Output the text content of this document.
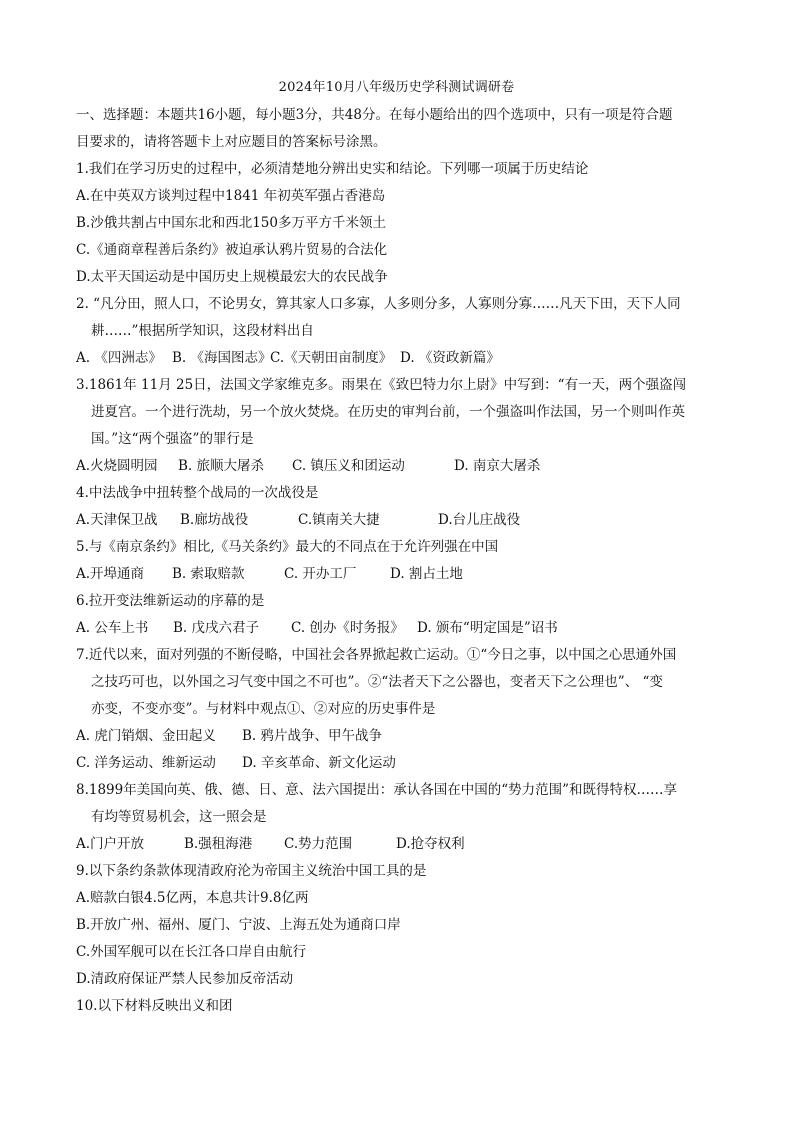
2024年10月八年级历史学科测试调研卷
一、选择题：本题共16小题，每小题3分，共48分。在每小题给出的四个选项中，只有一项是符合题
目要求的，请将答题卡上对应题目的答案标号涂黑。
1.我们在学习历史的过程中，必须清楚地分辨出史实和结论。下列哪一项属于历史结论
A.在中英双方谈判过程中1841 年初英军强占香港岛
B.沙俄共割占中国东北和西北150多万平方千米领土
C.《通商章程善后条约》被迫承认鸦片贸易的合法化
D.太平天国运动是中国历史上规模最宏大的农民战争
2. “凡分田，照人口，不论男女，算其家人口多寡，人多则分多，人寡则分寡……凡天下田，天下人同
耕……”根据所学知识，这段材料出自
A. 《四洲志》 B. 《海国图志》C.《天朝田亩制度》 D. 《资政新篇》
3.1861年 11月 25日，法国文学家维克多。雨果在《致巴特力尔上尉》中写到：“有一天，两个强盗闯
进夏宫。一个进行洗劫，另一个放火焚烧。在历史的审判台前，一个强盗叫作法国，另一个则叫作英
国。”这“两个强盗”的罪行是
A.火烧圆明园 B. 旅顺大屠杀 C. 镇压义和团运动	D. 南京大屠杀
4.中法战争中扭转整个战局的一次战役是
A.天津保卫战 B.廊坊战役	C.镇南关大捷	D.台儿庄战役
5.与《南京条约》相比,《马关条约》最大的不同点在于允许列强在中国
A.开埠通商 B. 索取赔款	C. 开办工厂 D. 割占土地
6.拉开变法维新运动的序幕的是
A. 公车上书 B. 戊戌六君子 C. 创办《时务报》 D. 颁布“明定国是”诏书
7.近代以来，面对列强的不断侵略，中国社会各界掀起救亡运动。①“今日之事，以中国之心思通外国
之技巧可也，以外国之习气变中国之不可也”。②“法者天下之公器也，变者天下之公理也”、 “变
亦变，不变亦变”。与材料中观点①、②对应的历史事件是
A. 虎门销烟、金田起义 B. 鸦片战争、甲午战争
C. 洋务运动、维新运动 D. 辛亥革命、新文化运动
8.1899年美国向英、俄、德、日、意、法六国提出：承认各国在中国的“势力范围”和既得特权……享
有均等贸易机会，这一照会是
A.门户开放	B.强租海港 C.势力范围	D.抢夺权利
9.以下条约条款体现清政府沦为帝国主义统治中国工具的是
A.赔款白银4.5亿两，本息共计9.8亿两
B.开放广州、福州、厦门、宁波、上海五处为通商口岸
C.外国军舰可以在长江各口岸自由航行
D.清政府保证严禁人民参加反帝活动
10.以下材料反映出义和团
